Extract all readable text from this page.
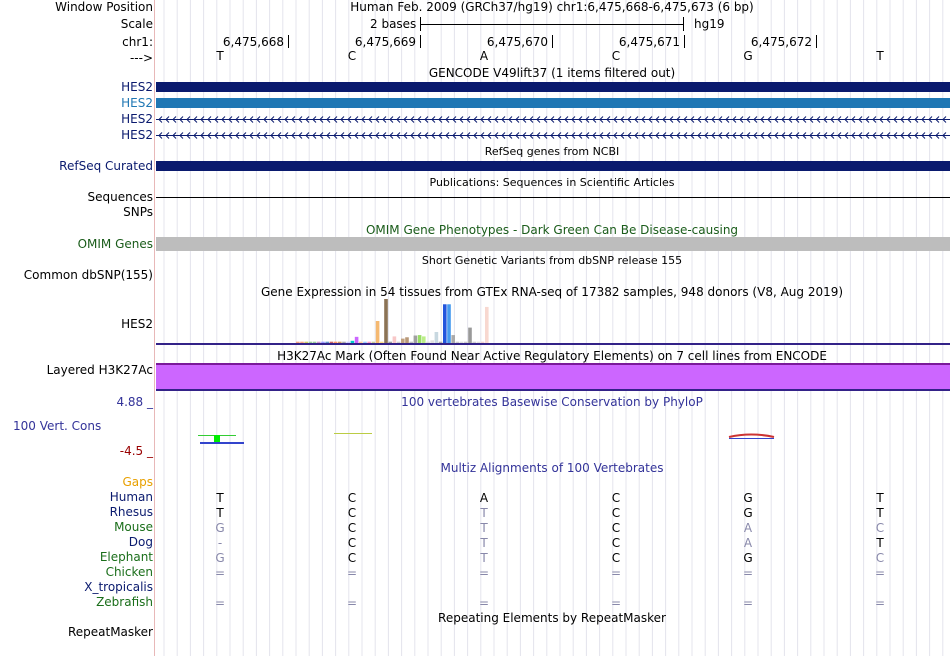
Window Position
Scale
chr1:
--->
Human Feb. 2009 (GRCh37/hg19) chr1:6,475,668-6,475,673 (6 bp)
2 bases	hg19
6,475,668	6,475,669	6,475,670	6,475,671	6,475,672
T	C	A	C	G	T
GENCODE V49lift37 (1 items filtered out)
HES2
HES2
HES2
HES2
RefSeq genes from NCBI
RefSeq Curated
Publications: Sequences in Scientific Articles
Sequences
SNPs
OMIM Gene Phenotypes - Dark Green Can Be Disease-causing
OMIM Genes
Short Genetic Variants from dbSNP release 155
Common dbSNP(155)
Gene Expression in 54 tissues from GTEx RNA-seq of 17382 samples, 948 donors (V8, Aug 2019)
HES2
H3K27Ac Mark (Often Found Near Active Regulatory Elements) on 7 cell lines from ENCODE
Layered H3K27Ac
4.88 _	100 vertebrates Basewise Conservation by PhyloP
100 Vert. Cons
-4.5 _
Multiz Alignments of 100 Vertebrates
Gaps
Human	T	C	A	C	G	T
Rhesus	T	C	T	C	G	T
Mouse	G	C	T	C	A	C
Dog	-	C	T	C	A	T
Elephant	G	C	T	C	G	C
Chicken	=	=	=	=	=	=
X_tropicalis
Zebrafish	=	=	=	=	=	=
Repeating Elements by RepeatMasker
RepeatMasker
